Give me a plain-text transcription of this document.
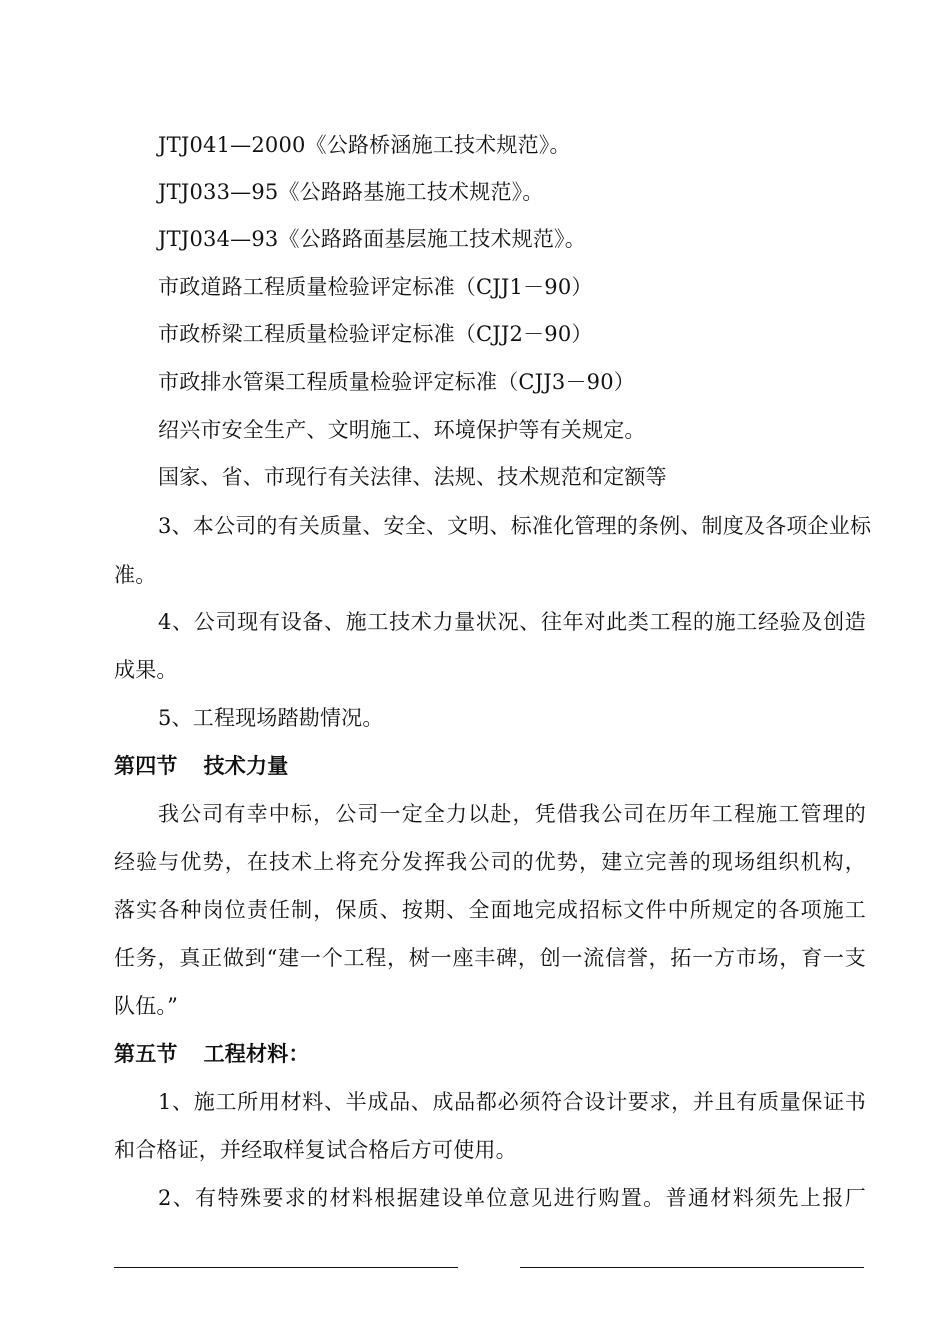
JTJ041—2000《公路桥涵施工技术规范》。
JTJ033—95《公路路基施工技术规范》。
JTJ034—93《公路路面基层施工技术规范》。
市政道路工程质量检验评定标准（CJJ1－90）
市政桥梁工程质量检验评定标准（CJJ2－90）
市政排水管渠工程质量检验评定标准（CJJ3－90）
绍兴市安全生产、文明施工、环境保护等有关规定。
国家、省、市现行有关法律、法规、技术规范和定额等
3、本公司的有关质量、安全、文明、标准化管理的条例、制度及各项企业标
准。
4、公司现有设备、施工技术力量状况、往年对此类工程的施工经验及创造
成果。
5、工程现场踏勘情况。
第四节 技术力量
我公司有幸中标，公司一定全力以赴，凭借我公司在历年工程施工管理的
经验与优势，在技术上将充分发挥我公司的优势，建立完善的现场组织机构，
落实各种岗位责任制，保质、按期、全面地完成招标文件中所规定的各项施工
任务，真正做到“建一个工程，树一座丰碑，创一流信誉，拓一方市场，育一支
队伍。”
第五节 工程材料：
1、施工所用材料、半成品、成品都必须符合设计要求，并且有质量保证书
和合格证，并经取样复试合格后方可使用。
2、有特殊要求的材料根据建设单位意见进行购置。普通材料须先上报厂
